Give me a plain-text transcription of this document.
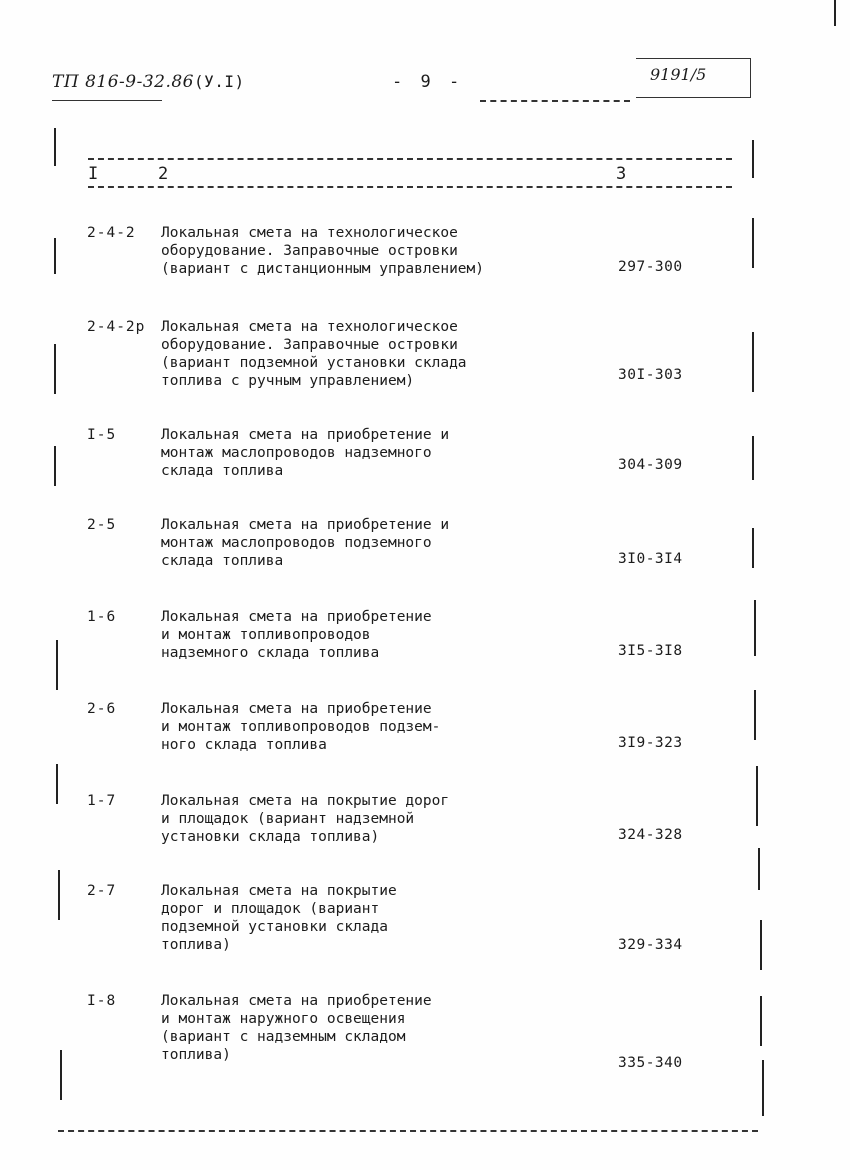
ТП 816-9-32.86(У.I)	- 9 -	9191/5
I	2	3
2-4-2 Локальная смета на технологическое
оборудование. Заправочные островки
(вариант с дистанционным управлением)	297-300
2-4-2р Локальная смета на технологическое
оборудование. Заправочные островки
(вариант подземной установки склада
топлива с ручным управлением)	30I-303
I-5	Локальная смета на приобретение и
монтаж маслопроводов надземного
склада топлива	304-309
2-5	Локальная смета на приобретение и
монтаж маслопроводов подземного
склада топлива	3I0-3I4
1-6	Локальная смета на приобретение
и монтаж топливопроводов
надземного склада топлива	3I5-3I8
2-6	Локальная смета на приобретение
и монтаж топливопроводов подзем-
ного склада топлива	3I9-323
1-7	Локальная смета на покрытие дорог
и площадок (вариант надземной
установки склада топлива)	324-328
2-7	Локальная смета на покрытие
дорог и площадок (вариант
подземной установки склада
топлива)	329-334
I-8	Локальная смета на приобретение
и монтаж наружного освещения
(вариант с надземным складом
топлива)	335-340
